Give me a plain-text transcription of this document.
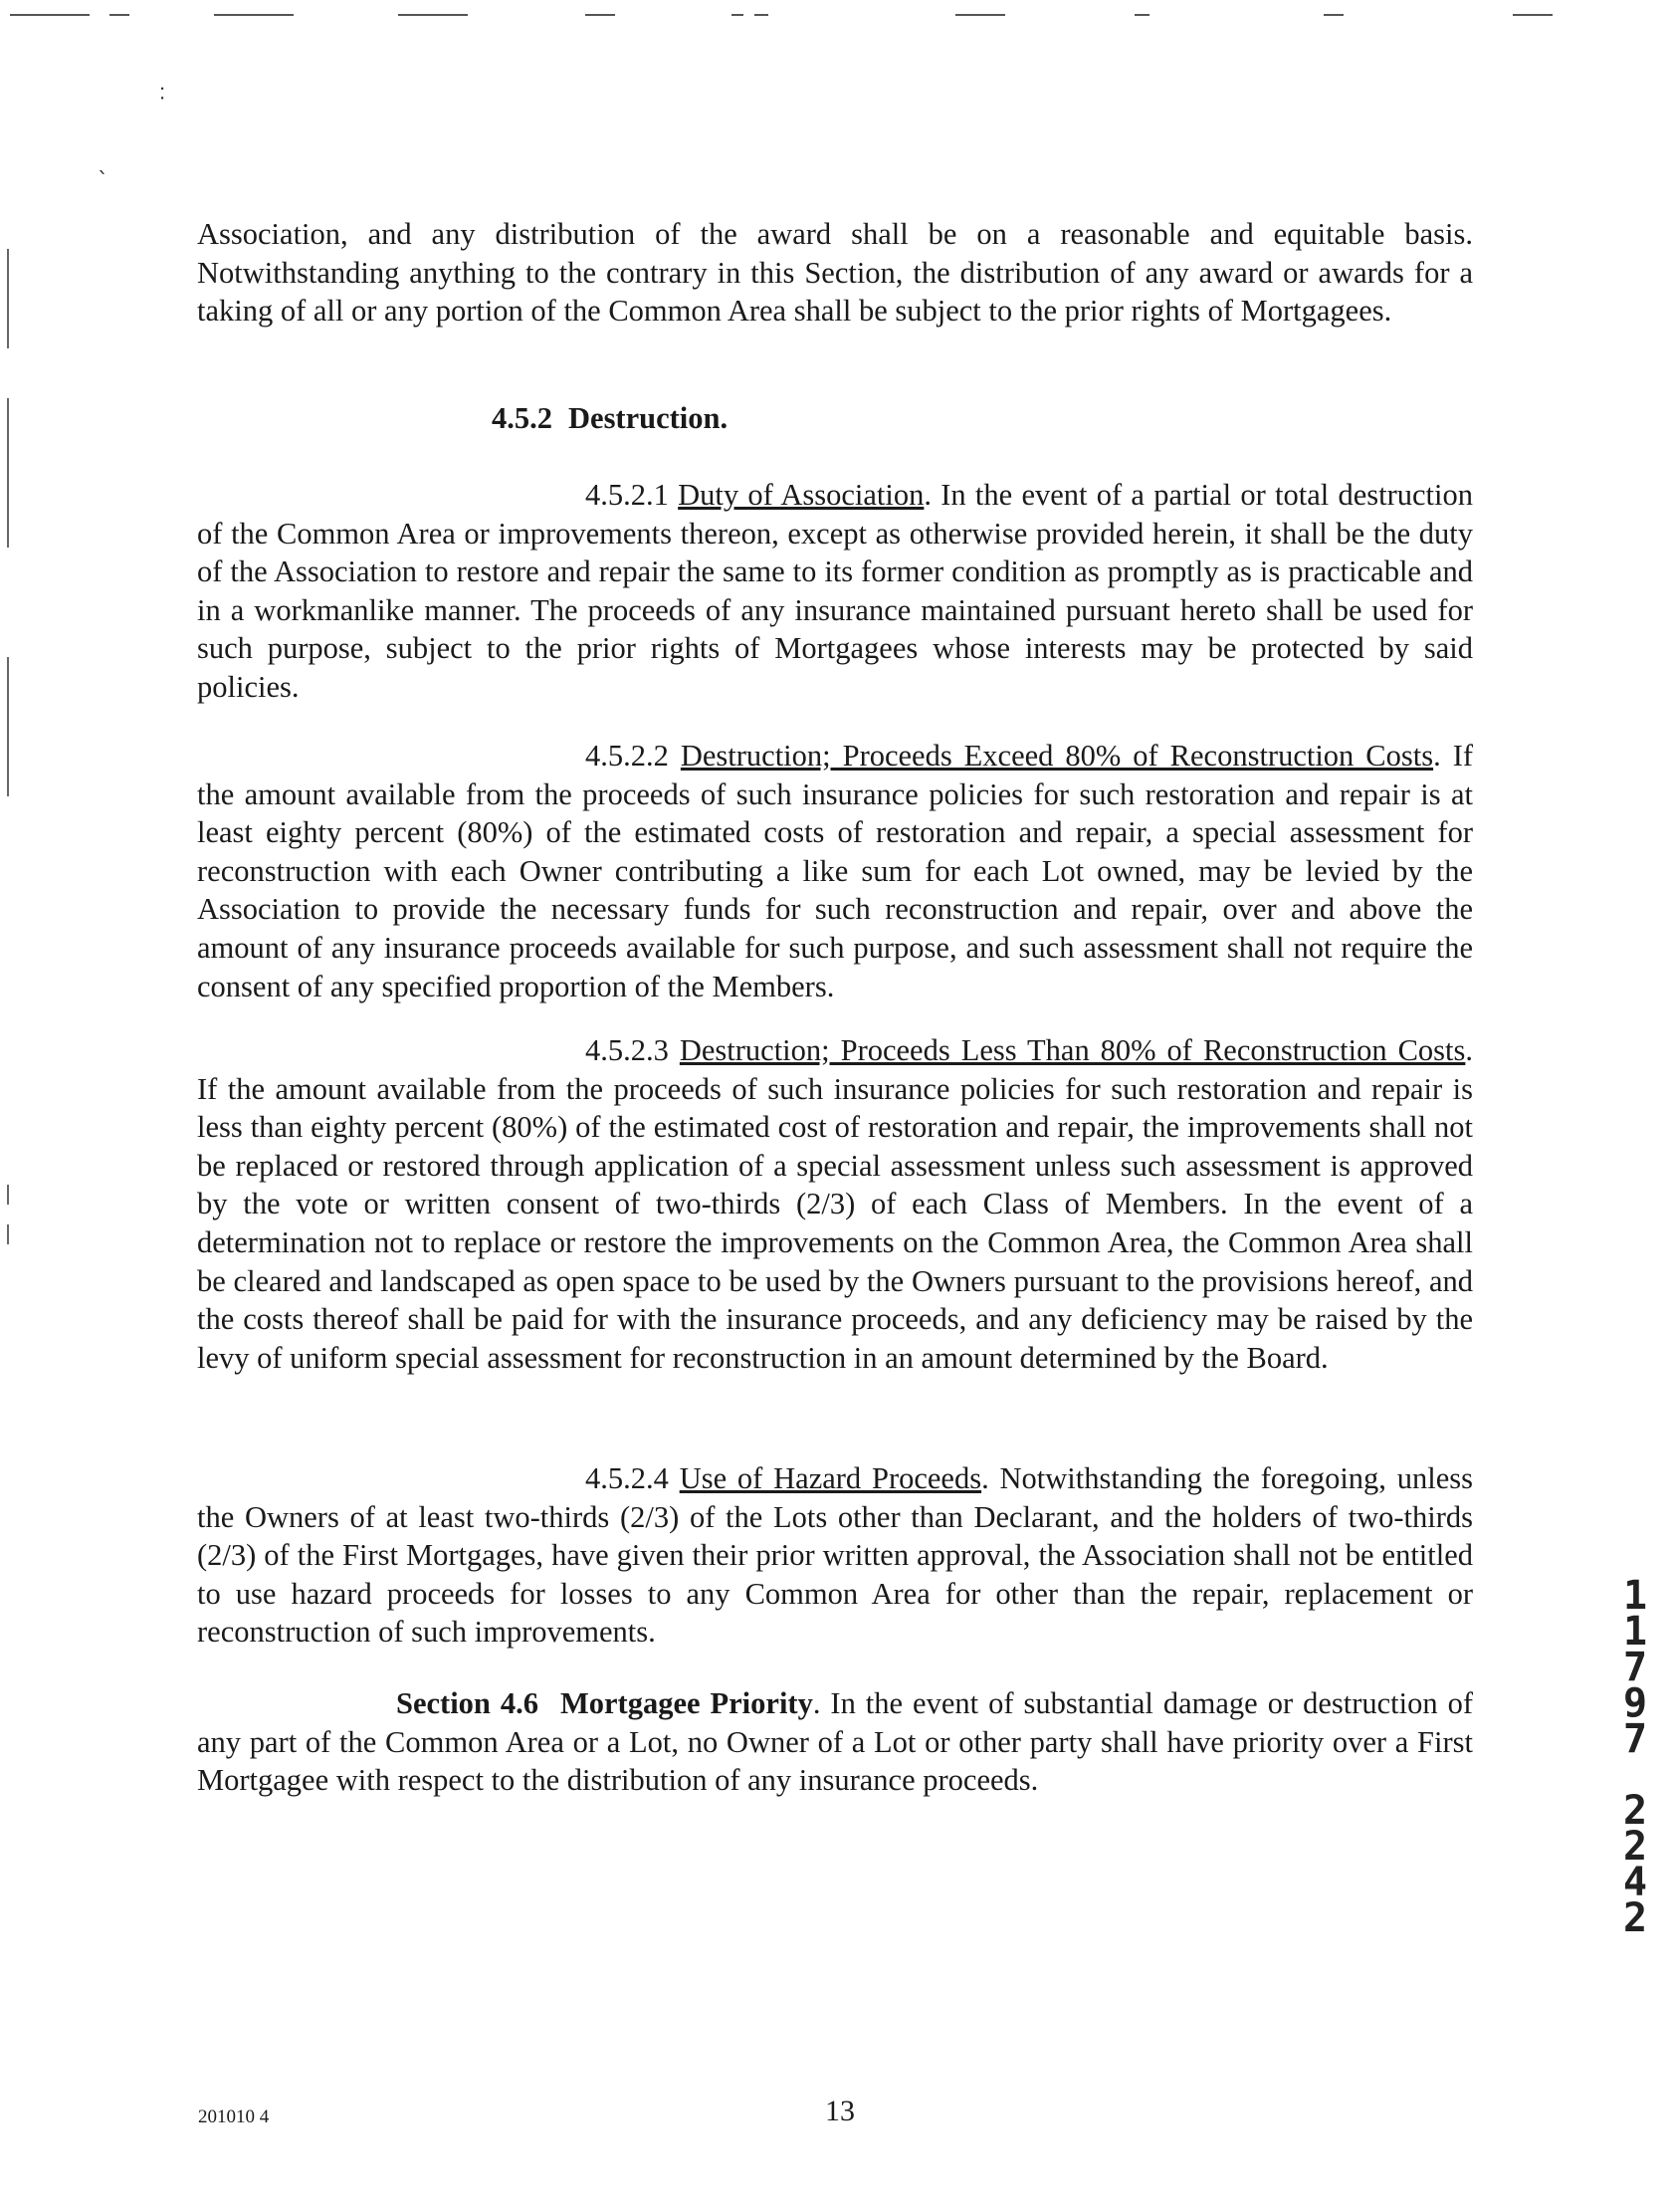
˸
`

Association, and any distribution of the award shall be on a reasonable and equitable basis. Notwithstanding anything to the contrary in this Section, the distribution of any award or awards for a taking of all or any portion of the Common Area shall be subject to the prior rights of Mortgagees.

4.5.2 Destruction.

4.5.2.1 Duty of Association. In the event of a partial or total destruction of the Common Area or improvements thereon, except as otherwise provided herein, it shall be the duty of the Association to restore and repair the same to its former condition as promptly as is practicable and in a workmanlike manner. The proceeds of any insurance maintained pursuant hereto shall be used for such purpose, subject to the prior rights of Mortgagees whose interests may be protected by said policies.

4.5.2.2 Destruction; Proceeds Exceed 80% of Reconstruction Costs. If the amount available from the proceeds of such insurance policies for such restoration and repair is at least eighty percent (80%) of the estimated costs of restoration and repair, a special assessment for reconstruction with each Owner contributing a like sum for each Lot owned, may be levied by the Association to provide the necessary funds for such reconstruction and repair, over and above the amount of any insurance proceeds available for such purpose, and such assessment shall not require the consent of any specified proportion of the Members.

4.5.2.3 Destruction; Proceeds Less Than 80% of Reconstruction Costs. If the amount available from the proceeds of such insurance policies for such restoration and repair is less than eighty percent (80%) of the estimated cost of restoration and repair, the improvements shall not be replaced or restored through application of a special assessment unless such assessment is approved by the vote or written consent of two-thirds (2/3) of each Class of Members. In the event of a determination not to replace or restore the improvements on the Common Area, the Common Area shall be cleared and landscaped as open space to be used by the Owners pursuant to the provisions hereof, and the costs thereof shall be paid for with the insurance proceeds, and any deficiency may be raised by the levy of uniform special assessment for reconstruction in an amount determined by the Board.

4.5.2.4 Use of Hazard Proceeds. Notwithstanding the foregoing, unless the Owners of at least two-thirds (2/3) of the Lots other than Declarant, and the holders of two-thirds (2/3) of the First Mortgages, have given their prior written approval, the Association shall not be entitled to use hazard proceeds for losses to any Common Area for other than the repair, replacement or reconstruction of such improvements.

Section 4.6 Mortgagee Priority. In the event of substantial damage or destruction of any part of the Common Area or a Lot, no Owner of a Lot or other party shall have priority over a First Mortgagee with respect to the distribution of any insurance proceeds.

1
1
7
9
7
2
2
4
2
201010 4	13
